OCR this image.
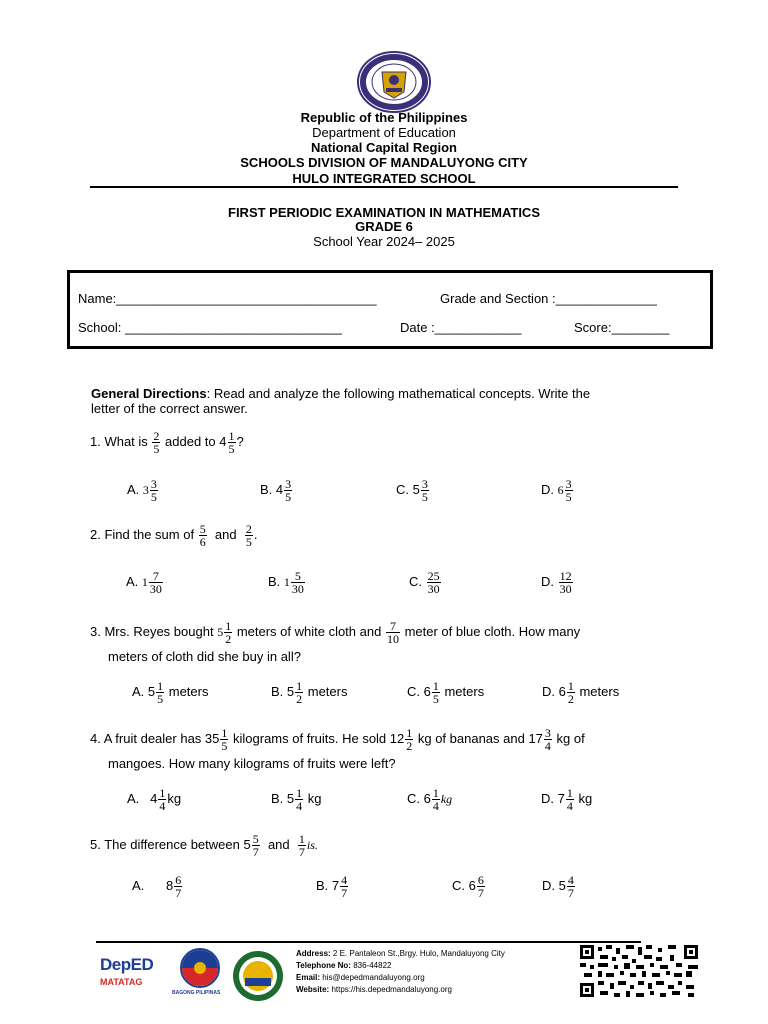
Republic of the Philippines
Department of Education
National Capital Region
SCHOOLS DIVISION OF MANDALUYONG CITY
HULO INTEGRATED SCHOOL
FIRST PERIODIC EXAMINATION IN MATHEMATICS
GRADE 6
School Year 2024– 2025
Name:____________________________________	Grade and Section :______________
School: ______________________________	Date :____________	Score:________
General Directions: Read and analyze the following mathematical concepts. Write the
letter of the correct answer.
1. What is $\frac{2}{5}$ added to $4 \frac{1}{5}$ ?
A. $3 \frac{3}{5}$	B. $4 \frac{3}{5}$	C. $5 \frac{3}{5}$	D. $6 \frac{3}{5}$
2. Find the sum of $\frac{5}{6}$ and $\frac{2}{5}$ .
A. $1 \frac{7}{30}$	B. $1 \frac{5}{30}$	C. $\frac{25}{30}$	D. $\frac{12}{30}$
3. Mrs. Reyes bought $5 \frac{1}{2}$ meters of white cloth and $\frac{7}{10}$ meter of blue cloth. How many
meters of cloth did she buy in all?
A. $5 \frac{1}{5}$ meters	B. $5 \frac{1}{2}$ meters	C. $6 \frac{1}{5}$ meters	D. $6 \frac{1}{2}$ meters
4. A fruit dealer has $35 \frac{1}{5}$ kilograms of fruits. He sold $12 \frac{1}{2}$ kg of bananas and $17 \frac{3}{4}$ kg of
mangoes. How many kilograms of fruits were left?
A. $4 \frac{1}{4}$ kg	B. $5 \frac{1}{4}$ kg	C. $6 \frac{1}{4}$ kg	D. $7 \frac{1}{4}$ kg
5. The difference between $5 \frac{5}{7}$ and $\frac{1}{7}$ is.
A. $8 \frac{6}{7}$	B. $7 \frac{4}{7}$	C. $6 \frac{6}{7}$	D. $5 \frac{4}{7}$
DepED
MATATAG
BAGONG PILIPINAS
Address: 2 E. Pantaleon St.,Brgy. Hulo, Mandaluyong City
Telephone No: 836-44822
Email: his@depedmandaluyong.org
Website: https://his.depedmandaluyong.org
